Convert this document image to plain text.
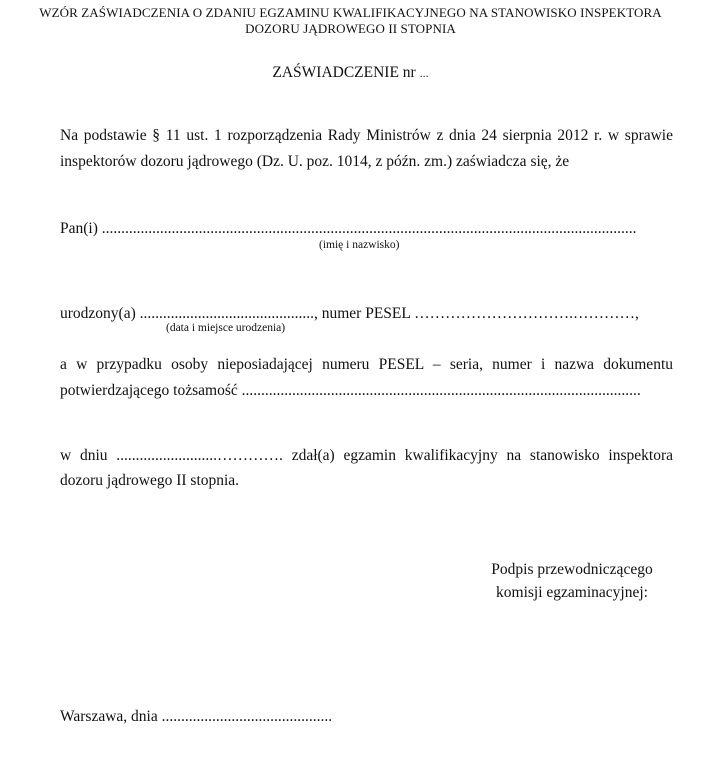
WZÓR ZAŚWIADCZENIA O ZDANIU EGZAMINU KWALIFIKACYJNEGO NA STANOWISKO INSPEKTORA
DOZORU JĄDROWEGO II STOPNIA
ZAŚWIADCZENIE nr ...
Na podstawie § 11 ust. 1 rozporządzenia Rady Ministrów z dnia 24 sierpnia 2012 r. w sprawie
inspektorów dozoru jądrowego (Dz. U. poz. 1014, z późn. zm.) zaświadcza się, że
Pan(i) ..........................................................................................................................................
(imię i nazwisko)
urodzony(a) ............................................., numer PESEL ………………………….…………,
(data i miejsce urodzenia)
a w przypadku osoby nieposiadającej numeru PESEL – seria, numer i nazwa dokumentu
potwierdzającego tożsamość .......................................................................................................
w dniu ..........................…………. zdał(a) egzamin kwalifikacyjny na stanowisko inspektora
dozoru jądrowego II stopnia.
Podpis przewodniczącego
komisji egzaminacyjnej:
Warszawa, dnia ............................................
